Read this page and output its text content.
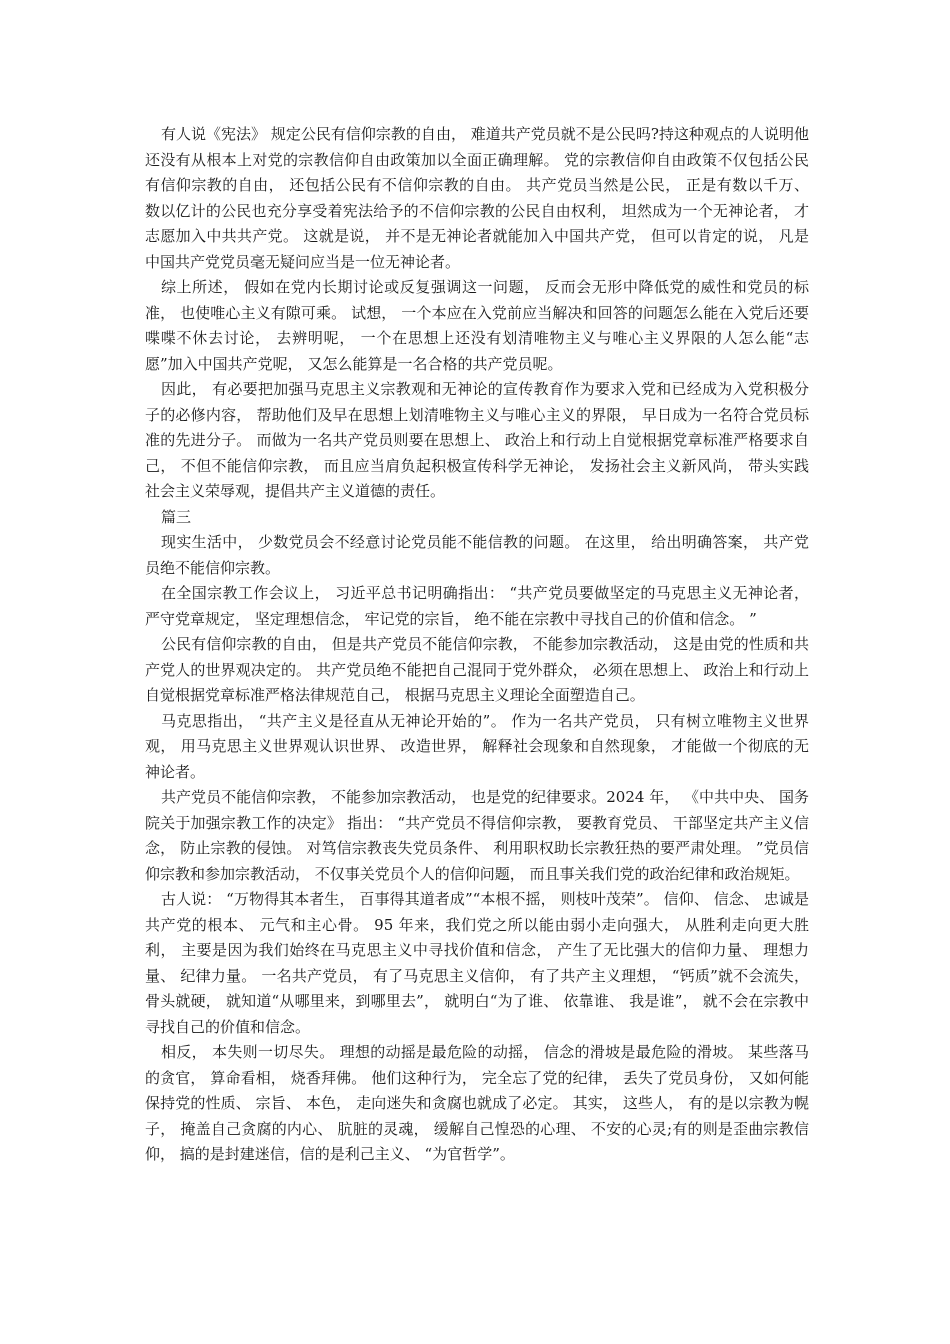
有人说《宪法》 规定公民有信仰宗教的自由， 难道共产党员就不是公民吗?持这种观点的人说明他还没有从根本上对党的宗教信仰自由政策加以全面正确理解。 党的宗教信仰自由政策不仅包括公民有信仰宗教的自由， 还包括公民有不信仰宗教的自由。 共产党员当然是公民， 正是有数以千万、 数以亿计的公民也充分享受着宪法给予的不信仰宗教的公民自由权利， 坦然成为一个无神论者， 才志愿加入中共共产党。 这就是说， 并不是无神论者就能加入中国共产党， 但可以肯定的说， 凡是中国共产党党员毫无疑问应当是一位无神论者。

综上所述， 假如在党内长期讨论或反复强调这一问题， 反而会无形中降低党的威性和党员的标准， 也使唯心主义有隙可乘。 试想， 一个本应在入党前应当解决和回答的问题怎么能在入党后还要喋喋不休去讨论， 去辨明呢， 一个在思想上还没有划清唯物主义与唯心主义界限的人怎么能“志愿”加入中国共产党呢， 又怎么能算是一名合格的共产党员呢。

因此， 有必要把加强马克思主义宗教观和无神论的宣传教育作为要求入党和已经成为入党积极分子的必修内容， 帮助他们及早在思想上划清唯物主义与唯心主义的界限， 早日成为一名符合党员标准的先进分子。 而做为一名共产党员则要在思想上、 政治上和行动上自觉根据党章标准严格要求自己， 不但不能信仰宗教， 而且应当肩负起积极宣传科学无神论， 发扬社会主义新风尚， 带头实践社会主义荣辱观，提倡共产主义道德的责任。

篇三

现实生活中， 少数党员会不经意讨论党员能不能信教的问题。 在这里， 给出明确答案， 共产党员绝不能信仰宗教。

在全国宗教工作会议上， 习近平总书记明确指出： “共产党员要做坚定的马克思主义无神论者， 严守党章规定， 坚定理想信念， 牢记党的宗旨， 绝不能在宗教中寻找自己的价值和信念。 ”

公民有信仰宗教的自由， 但是共产党员不能信仰宗教， 不能参加宗教活动， 这是由党的性质和共产党人的世界观决定的。 共产党员绝不能把自己混同于党外群众， 必须在思想上、 政治上和行动上自觉根据党章标准严格法律规范自己， 根据马克思主义理论全面塑造自己。

马克思指出， “共产主义是径直从无神论开始的”。 作为一名共产党员， 只有树立唯物主义世界观， 用马克思主义世界观认识世界、 改造世界， 解释社会现象和自然现象， 才能做一个彻底的无神论者。

共产党员不能信仰宗教， 不能参加宗教活动， 也是党的纪律要求。2024 年， 《中共中央、 国务院关于加强宗教工作的决定》 指出： “共产党员不得信仰宗教， 要教育党员、 干部坚定共产主义信念， 防止宗教的侵蚀。 对笃信宗教丧失党员条件、 利用职权助长宗教狂热的要严肃处理。 ”党员信仰宗教和参加宗教活动， 不仅事关党员个人的信仰问题， 而且事关我们党的政治纪律和政治规矩。

古人说： “万物得其本者生， 百事得其道者成”“本根不摇， 则枝叶茂荣”。 信仰、 信念、 忠诚是共产党的根本、 元气和主心骨。 95 年来，我们党之所以能由弱小走向强大， 从胜利走向更大胜利， 主要是因为我们始终在马克思主义中寻找价值和信念， 产生了无比强大的信仰力量、 理想力量、 纪律力量。 一名共产党员， 有了马克思主义信仰， 有了共产主义理想， “钙质”就不会流失， 骨头就硬， 就知道“从哪里来，到哪里去”， 就明白“为了谁、 依靠谁、 我是谁”， 就不会在宗教中寻找自己的价值和信念。

相反， 本失则一切尽失。 理想的动摇是最危险的动摇， 信念的滑坡是最危险的滑坡。 某些落马的贪官， 算命看相， 烧香拜佛。 他们这种行为， 完全忘了党的纪律， 丢失了党员身份， 又如何能保持党的性质、 宗旨、 本色， 走向迷失和贪腐也就成了必定。 其实， 这些人， 有的是以宗教为幌子， 掩盖自己贪腐的内心、 肮脏的灵魂， 缓解自己惶恐的心理、 不安的心灵;有的则是歪曲宗教信仰， 搞的是封建迷信，信的是利己主义、 “为官哲学”。
